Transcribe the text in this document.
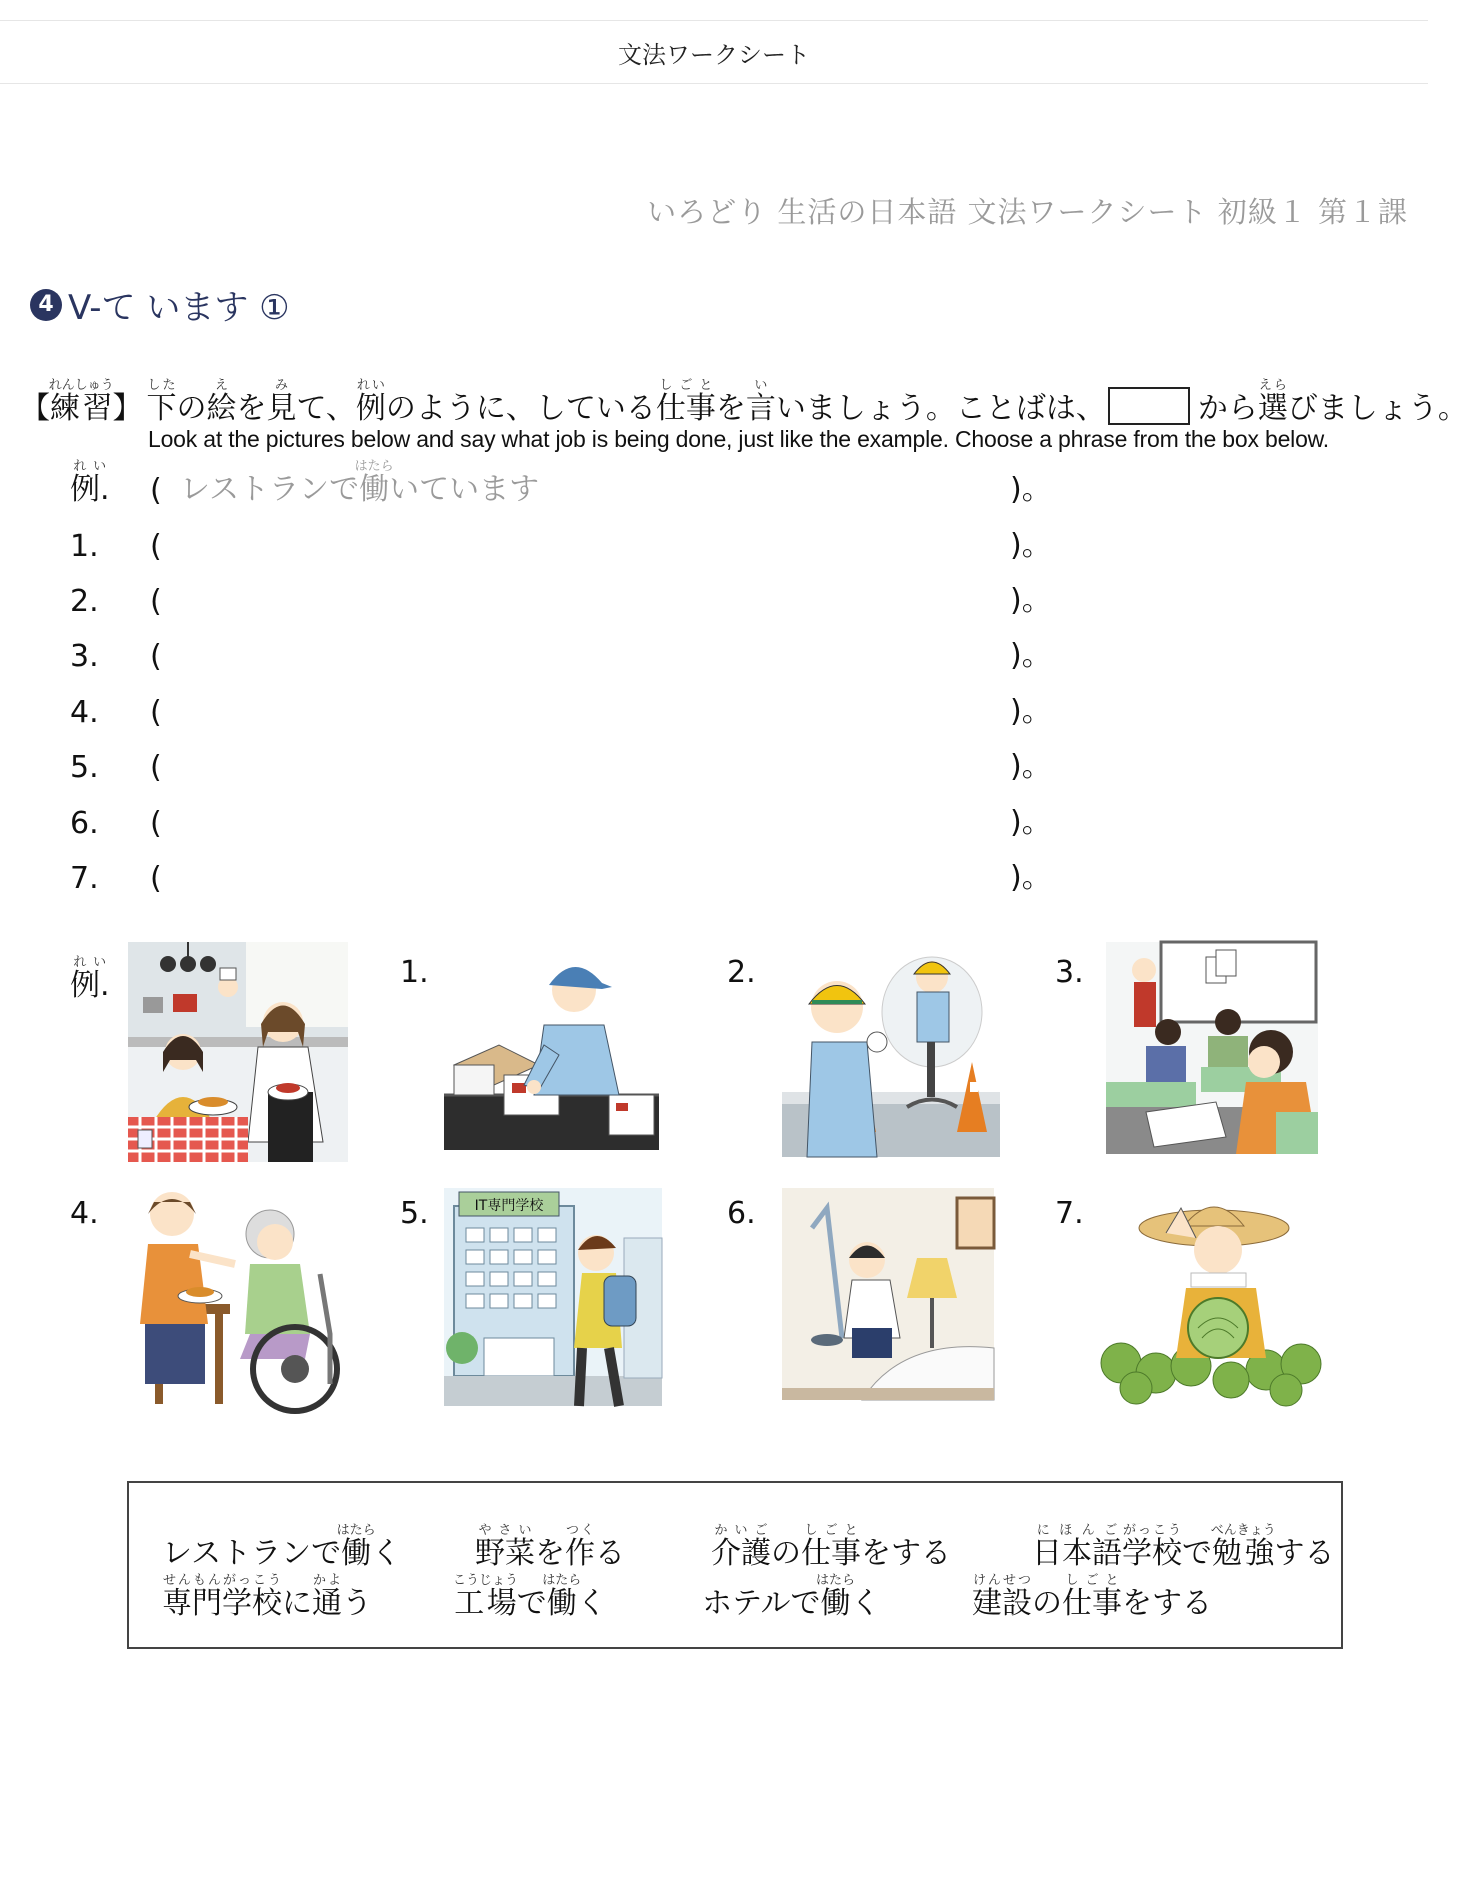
文法ワークシート
いろどり 生活の日本語 文法ワークシート 初級１ 第１課
4 V-て います ①
【練習れんしゅう】 下したの絵えを見みて、例れいのように、している仕事しごとを言いいましょう。ことばは、	から選えらびましょう。
Look at the pictures below and say what job is being done, just like the example. Choose a phrase from the box below.
例.れい
( レストランで働はたらいています	)。
1. (	)。
2. (	)。
3. (	)。
4. (	)。
5. (	)。
6. (	)。
7. (	)。
例.れい	1.	2.	3.
4.	5.	IT専門学校	6.	7.
レストランで働はたらく 野菜やさいを作つくる	介護かいごの仕事しごとをする	日本語にほんご学校がっこうで勉強べんきょうする
専門せんもん学校がっこうに通かよう	工場こうじょうで働はたらく	ホテルで働はたらく	建設けんせつの仕事しごとをする
